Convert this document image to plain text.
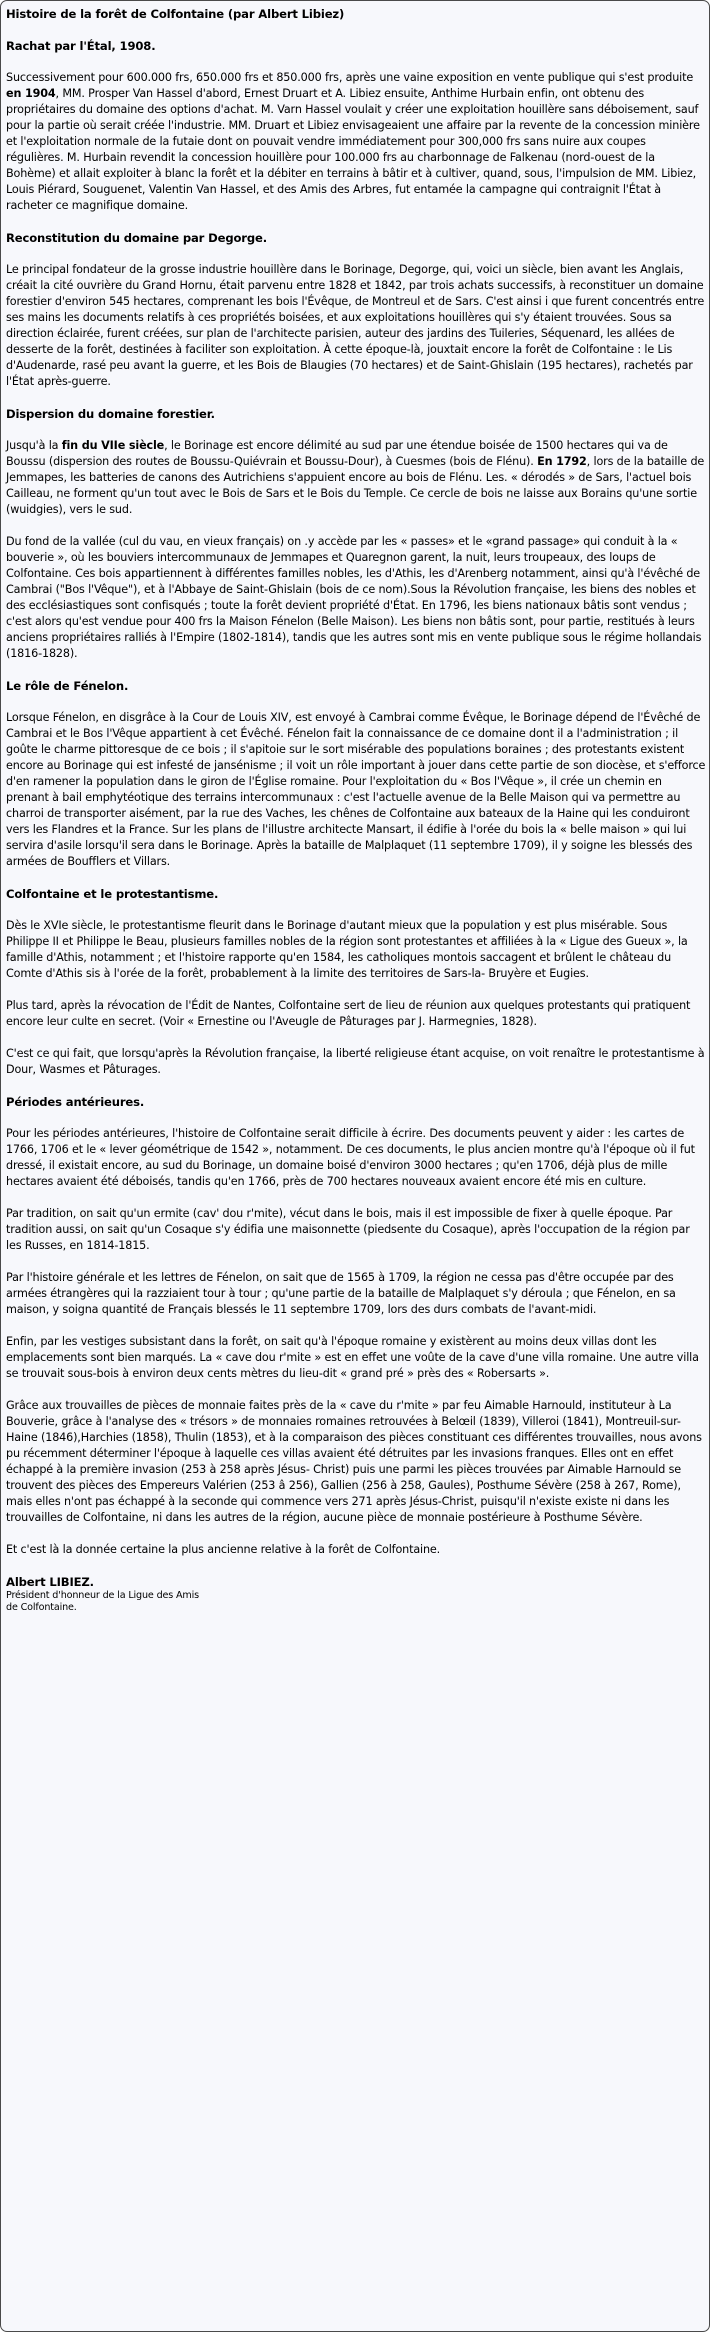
Histoire de la forêt de Colfontaine (par Albert Libiez)

Rachat par l'Étal, 1908.

Successivement pour 600.000 frs, 650.000 frs et 850.000 frs, après une vaine exposition en vente publique qui s'est produite en 1904, MM. Prosper Van Hassel d'abord, Ernest Druart et A. Libiez ensuite, Anthime Hurbain enfin, ont obtenu des propriétaires du domaine des options d'achat. M. Varn Hassel voulait y créer une exploitation houillère sans déboisement, sauf pour la partie où serait créée l'industrie. MM. Druart et Libiez envisageaient une affaire par la revente de la concession minière et l'exploitation normale de la futaie dont on pouvait vendre immédiatement pour 300,000 frs sans nuire aux coupes régulières. M. Hurbain revendit la concession houillère pour 100.000 frs au charbonnage de Falkenau (nord-ouest de la Bohème) et allait exploiter à blanc la forêt et la débiter en terrains à bâtir et à cultiver, quand, sous, l'impulsion de MM. Libiez, Louis Piérard, Souguenet, Valentin Van Hassel, et des Amis des Arbres, fut entamée la campagne qui contraignit l'État à racheter ce magnifique domaine.

Reconstitution du domaine par Degorge.

Le principal fondateur de la grosse industrie houillère dans le Borinage, Degorge, qui, voici un siècle, bien avant les Anglais, créait la cité ouvrière du Grand Hornu, était parvenu entre 1828 et 1842, par trois achats successifs, à reconstituer un domaine forestier d'environ 545 hectares, comprenant les bois l'Évêque, de Montreul et de Sars. C'est ainsi i que furent concentrés entre ses mains les documents relatifs à ces propriétés boisées, et aux exploitations houillères qui s'y étaient trouvées. Sous sa direction éclairée, furent créées, sur plan de l'architecte parisien, auteur des jardins des Tuileries, Séquenard, les allées de desserte de la forêt, destinées à faciliter son exploitation. À cette époque-là, jouxtait encore la forêt de Colfontaine : le Lis d'Audenarde, rasé peu avant la guerre, et les Bois de Blaugies (70 hectares) et de Saint-Ghislain (195 hectares), rachetés par l'État après-guerre.

Dispersion du domaine forestier.

Jusqu'à la fin du VIIe siècle, le Borinage est encore délimité au sud par une étendue boisée de 1500 hectares qui va de Boussu (dispersion des routes de Boussu-Quiévrain et Boussu-Dour), à Cuesmes (bois de Flénu). En 1792, lors de la bataille de Jemmapes, les batteries de canons des Autrichiens s'appuient encore au bois de Flénu. Les. « dérodés » de Sars, l'actuel bois Cailleau, ne forment qu'un tout avec le Bois de Sars et le Bois du Temple. Ce cercle de bois ne laisse aux Borains qu'une sortie (wuidgies), vers le sud.

Du fond de la vallée (cul du vau, en vieux français) on .y accède par les « passes» et le «grand passage» qui conduit à la « bouverie », où les bouviers intercommunaux de Jemmapes et Quaregnon garent, la nuit, leurs troupeaux, des loups de Colfontaine. Ces bois appartiennent à différentes familles nobles, les d'Athis, les d'Arenberg notamment, ainsi qu'à l'évêché de Cambrai ("Bos l'Vêque"), et à l'Abbaye de Saint-Ghislain (bois de ce nom).Sous la Révolution française, les biens des nobles et des ecclésiastiques sont confisqués ; toute la forêt devient propriété d'État. En 1796, les biens nationaux bâtis sont vendus ; c'est alors qu'est vendue pour 400 frs la Maison Fénelon (Belle Maison). Les biens non bâtis sont, pour partie, restitués à leurs anciens propriétaires ralliés à l'Empire (1802-1814), tandis que les autres sont mis en vente publique sous le régime hollandais (1816-1828).

Le rôle de Fénelon.

Lorsque Fénelon, en disgrâce à la Cour de Louis XIV, est envoyé à Cambrai comme Évêque, le Borinage dépend de l'Évêché de Cambrai et le Bos l'Vêque appartient à cet Évêché. Fénelon fait la connaissance de ce domaine dont il a l'administration ; il goûte le charme pittoresque de ce bois ; il s'apitoie sur le sort misérable des populations boraines ; des protestants existent encore au Borinage qui est infesté de jansénisme ; il voit un rôle important à jouer dans cette partie de son diocèse, et s'efforce d'en ramener la population dans le giron de l'Église romaine. Pour l'exploitation du « Bos l'Vêque », il crée un chemin en prenant à bail emphytéotique des terrains intercommunaux : c'est l'actuelle avenue de la Belle Maison qui va permettre au charroi de transporter aisément, par la rue des Vaches, les chênes de Colfontaine aux bateaux de la Haine qui les conduiront vers les Flandres et la France. Sur les plans de l'illustre architecte Mansart, il édifie à l'orée du bois la « belle maison » qui lui servira d'asile lorsqu'il sera dans le Borinage. Après la bataille de Malplaquet (11 septembre 1709), il y soigne les blessés des armées de Boufflers et Villars.

Colfontaine et le protestantisme.

Dès le XVIe siècle, le protestantisme fleurit dans le Borinage d'autant mieux que la population y est plus misérable. Sous Philippe II et Philippe le Beau, plusieurs familles nobles de la région sont protestantes et affiliées à la « Ligue des Gueux », la famille d'Athis, notamment ; et l'histoire rapporte qu'en 1584, les catholiques montois saccagent et brûlent le château du Comte d'Athis sis à l'orée de la forêt, probablement à la limite des territoires de Sars-la- Bruyère et Eugies.

Plus tard, après la révocation de l'Édit de Nantes, Colfontaine sert de lieu de réunion aux quelques protestants qui pratiquent encore leur culte en secret. (Voir « Ernestine ou l'Aveugle de Pâturages par J. Harmegnies, 1828).

C'est ce qui fait, que lorsqu'après la Révolution française, la liberté religieuse étant acquise, on voit renaître le protestantisme à Dour, Wasmes et Pâturages.

Périodes antérieures.

Pour les périodes antérieures, l'histoire de Colfontaine serait difficile à écrire. Des documents peuvent y aider : les cartes de 1766, 1706 et le « lever géométrique de 1542 », notamment. De ces documents, le plus ancien montre qu'à l'époque où il fut dressé, il existait encore, au sud du Borinage, un domaine boisé d'environ 3000 hectares ; qu'en 1706, déjà plus de mille hectares avaient été déboisés, tandis qu'en 1766, près de 700 hectares nouveaux avaient encore été mis en culture.

Par tradition, on sait qu'un ermite (cav' dou r'mite), vécut dans le bois, mais il est impossible de fixer à quelle époque. Par tradition aussi, on sait qu'un Cosaque s'y édifia une maisonnette (piedsente du Cosaque), après l'occupation de la région par les Russes, en 1814-1815.

Par l'histoire générale et les lettres de Fénelon, on sait que de 1565 à 1709, la région ne cessa pas d'être occupée par des armées étrangères qui la razziaient tour à tour ; qu'une partie de la bataille de Malplaquet s'y déroula ; que Fénelon, en sa maison, y soigna quantité de Français blessés le 11 septembre 1709, lors des durs combats de l'avant-midi.

Enfin, par les vestiges subsistant dans la forêt, on sait qu'à l'époque romaine y existèrent au moins deux villas dont les emplacements sont bien marqués. La « cave dou r'mite » est en effet une voûte de la cave d'une villa romaine. Une autre villa se trouvait sous-bois à environ deux cents mètres du lieu-dit « grand pré » près des « Robersarts ».

Grâce aux trouvailles de pièces de monnaie faites près de la « cave du r'mite » par feu Aimable Harnould, instituteur à La Bouverie, grâce à l'analyse des « trésors » de monnaies romaines retrouvées à Belœil (1839), Villeroi (1841), Montreuil-sur-Haine (1846),Harchies (1858), Thulin (1853), et à la comparaison des pièces constituant ces différentes trouvailles, nous avons pu récemment déterminer l'époque à laquelle ces villas avaient été détruites par les invasions franques. Elles ont en effet échappé à la première invasion (253 à 258 après Jésus- Christ) puis une parmi les pièces trouvées par Aimable Harnould se trouvent des pièces des Empereurs Valérien (253 â 256), Gallien (256 à 258, Gaules), Posthume Sévère (258 à 267, Rome), mais elles n'ont pas échappé à la seconde qui commence vers 271 après Jésus-Christ, puisqu'il n'existe existe ni dans les trouvailles de Colfontaine, ni dans les autres de la région, aucune pièce de monnaie postérieure à Posthume Sévère.

Et c'est là la donnée certaine la plus ancienne relative à la forêt de Colfontaine.

Albert LIBIEZ.

Président d'honneur de la Ligue des Amis

de Colfontaine.
